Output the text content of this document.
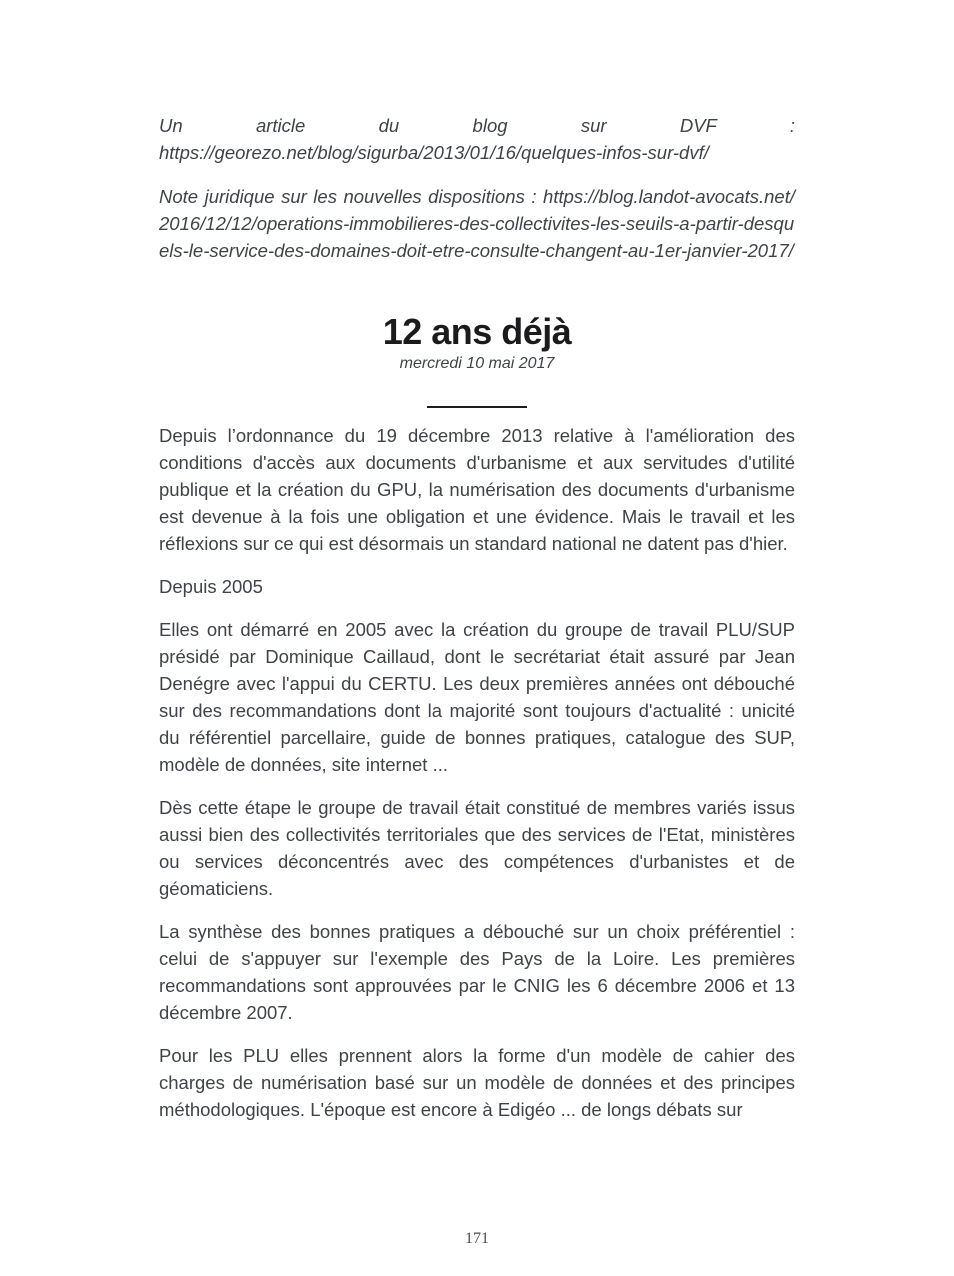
Un article du blog sur DVF : https://georezo.net/blog/sigurba/2013/01/16/quelques-infos-sur-dvf/

Note juridique sur les nouvelles dispositions : https://blog.landot-avocats.net/2016/12/12/operations-immobilieres-des-collectivites-les-seuils-a-partir-desquels-le-service-des-domaines-doit-etre-consulte-changent-au-1er-janvier-2017/

12 ans déjà

mercredi 10 mai 2017

Depuis l’ordonnance du 19 décembre 2013 relative à l'amélioration des conditions d'accès aux documents d'urbanisme et aux servitudes d'utilité publique et la création du GPU, la numérisation des documents d'urbanisme est devenue à la fois une obligation et une évidence. Mais le travail et les réflexions sur ce qui est désormais un standard national ne datent pas d'hier.

Depuis 2005

Elles ont démarré en 2005 avec la création du groupe de travail PLU/SUP présidé par Dominique Caillaud, dont le secrétariat était assuré par Jean Denégre avec l'appui du CERTU. Les deux premières années ont débouché sur des recommandations dont la majorité sont toujours d'actualité : unicité du référentiel parcellaire, guide de bonnes pratiques, catalogue des SUP, modèle de données, site internet ...

Dès cette étape le groupe de travail était constitué de membres variés issus aussi bien des collectivités territoriales que des services de l'Etat, ministères ou services déconcentrés avec des compétences d'urbanistes et de géomaticiens.

La synthèse des bonnes pratiques a débouché sur un choix préférentiel : celui de s'appuyer sur l'exemple des Pays de la Loire. Les premières recommandations sont approuvées par le CNIG les 6 décembre 2006 et 13 décembre 2007.

Pour les PLU elles prennent alors la forme d'un modèle de cahier des charges de numérisation basé sur un modèle de données et des principes méthodologiques. L'époque est encore à Edigéo ... de longs débats sur

171
